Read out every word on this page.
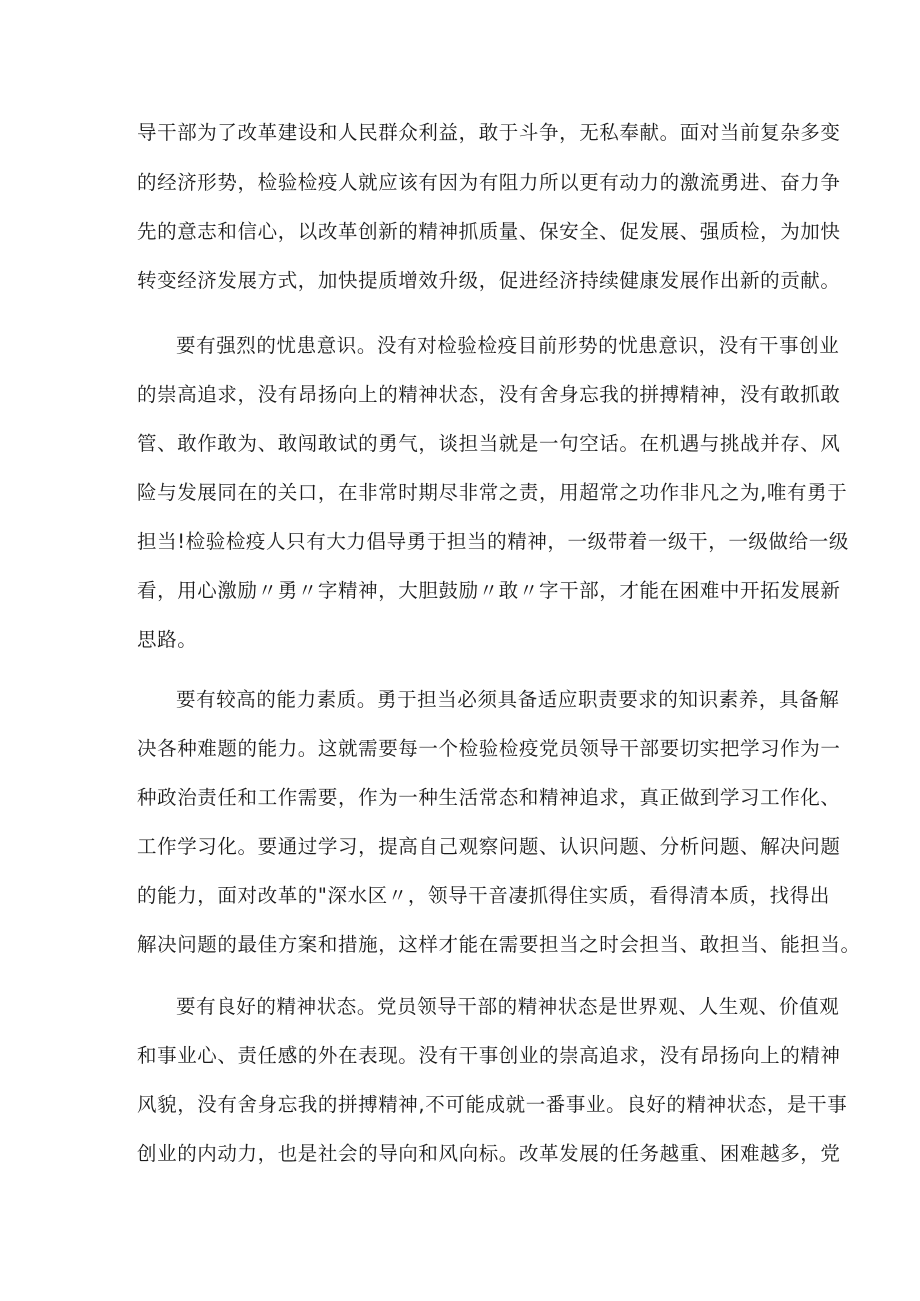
导干部为了改革建设和人民群众利益，敢于斗争，无私奉献。面对当前复杂多变
的经济形势，检验检疫人就应该有因为有阻力所以更有动力的激流勇进、奋力争
先的意志和信心，以改革创新的精神抓质量、保安全、促发展、强质检，为加快
转变经济发展方式，加快提质增效升级，促进经济持续健康发展作出新的贡献。
要有强烈的忧患意识。没有对检验检疫目前形势的忧患意识，没有干事创业
的崇高追求，没有昂扬向上的精神状态，没有舍身忘我的拼搏精神，没有敢抓敢
管、敢作敢为、敢闯敢试的勇气，谈担当就是一句空话。在机遇与挑战并存、风
险与发展同在的关口，在非常时期尽非常之责，用超常之功作非凡之为,唯有勇于
担当!检验检疫人只有大力倡导勇于担当的精神，一级带着一级干，一级做给一级
看，用心激励〃勇〃字精神，大胆鼓励〃敢〃字干部，才能在困难中开拓发展新
思路。
要有较高的能力素质。勇于担当必须具备适应职责要求的知识素养，具备解
决各种难题的能力。这就需要每一个检验检疫党员领导干部要切实把学习作为一
种政治责任和工作需要，作为一种生活常态和精神追求，真正做到学习工作化、
工作学习化。要通过学习，提高自己观察问题、认识问题、分析问题、解决问题
的能力，面对改革的"深水区〃，领导干音凄抓得住实质，看得清本质，找得出
解决问题的最佳方案和措施，这样才能在需要担当之时会担当、敢担当、能担当。
要有良好的精神状态。党员领导干部的精神状态是世界观、人生观、价值观
和事业心、责任感的外在表现。没有干事创业的崇高追求，没有昂扬向上的精神
风貌，没有舍身忘我的拼搏精神,不可能成就一番事业。良好的精神状态，是干事
创业的内动力，也是社会的导向和风向标。改革发展的任务越重、困难越多，党
